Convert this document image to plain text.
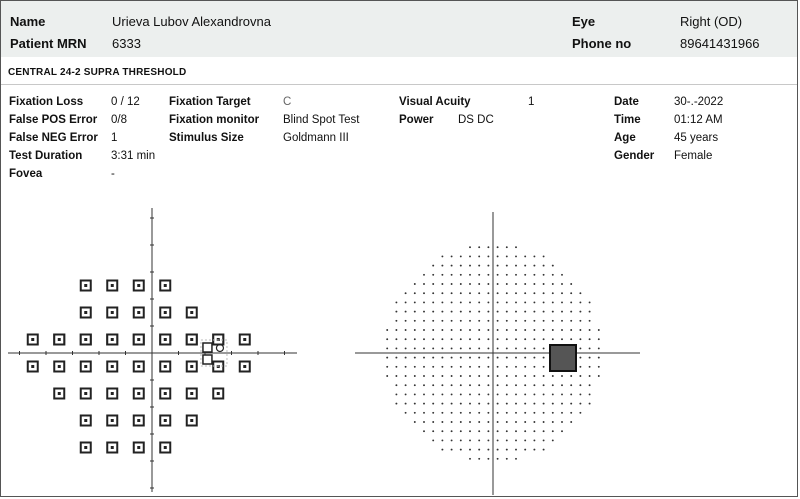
Name	Urieva Lubov Alexandrovna
Patient MRN 6333
Eye	Right (OD)
Phone no	89641431966
CENTRAL 24-2 SUPRA THRESHOLD
Fixation Loss 0 / 12
False POS Error 0/8
False NEG Error 1
Test Duration 3:31 min
Fovea	-
Fixation Target	C
Fixation monitor Blind Spot Test
Stimulus Size	Goldmann III
Visual Acuity	1
Power DS DC
Date	30-.-2022
Time	01:12 AM
Age	45 years
Gender Female
